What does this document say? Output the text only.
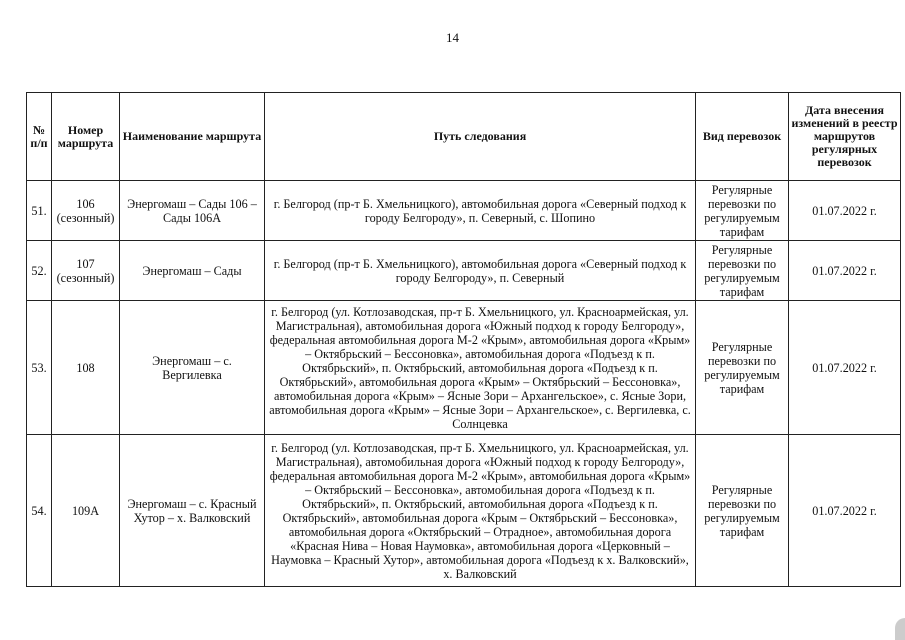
14
№ п/п	Номер маршрута	Наименование маршрута	Путь следования	Вид перевозок	Дата внесения изменений в реестр маршрутов регулярных перевозок
51.	106 (сезонный)	Энергомаш – Сады 106 – Сады 106А	г. Белгород (пр-т Б. Хмельницкого), автомобильная дорога «Северный подход к городу Белгороду», п. Северный, с. Шопино	Регулярные перевозки по регулируемым тарифам	01.07.2022 г.
52.	107 (сезонный)	Энергомаш – Сады	г. Белгород (пр-т Б. Хмельницкого), автомобильная дорога «Северный подход к городу Белгороду», п. Северный	Регулярные перевозки по регулируемым тарифам	01.07.2022 г.
53.	108	Энергомаш – с. Вергилевка	г. Белгород (ул. Котлозаводская, пр-т Б. Хмельницкого, ул. Красноармейская, ул. Магистральная), автомобильная дорога «Южный подход к городу Белгороду», федеральная автомобильная дорога М-2 «Крым», автомобильная дорога «Крым» – Октябрьский – Бессоновка», автомобильная дорога «Подъезд к п. Октябрьский», п. Октябрьский, автомобильная дорога «Подъезд к п. Октябрьский», автомобильная дорога «Крым» – Октябрьский – Бессоновка», автомобильная дорога «Крым» – Ясные Зори – Архангельское», с. Ясные Зори, автомобильная дорога «Крым» – Ясные Зори – Архангельское», с. Вергилевка, с. Солнцевка	Регулярные перевозки по регулируемым тарифам	01.07.2022 г.
54.	109А	Энергомаш – с. Красный Хутор – х. Валковский	г. Белгород (ул. Котлозаводская, пр-т Б. Хмельницкого, ул. Красноармейская, ул. Магистральная), автомобильная дорога «Южный подход к городу Белгороду», федеральная автомобильная дорога М-2 «Крым», автомобильная дорога «Крым» – Октябрьский – Бессоновка», автомобильная дорога «Подъезд к п. Октябрьский», п. Октябрьский, автомобильная дорога «Подъезд к п. Октябрьский», автомобильная дорога «Крым – Октябрьский – Бессоновка», автомобильная дорога «Октябрьский – Отрадное», автомобильная дорога «Красная Нива – Новая Наумовка», автомобильная дорога «Церковный – Наумовка – Красный Хутор», автомобильная дорога «Подъезд к х. Валковский», х. Валковский	Регулярные перевозки по регулируемым тарифам	01.07.2022 г.
